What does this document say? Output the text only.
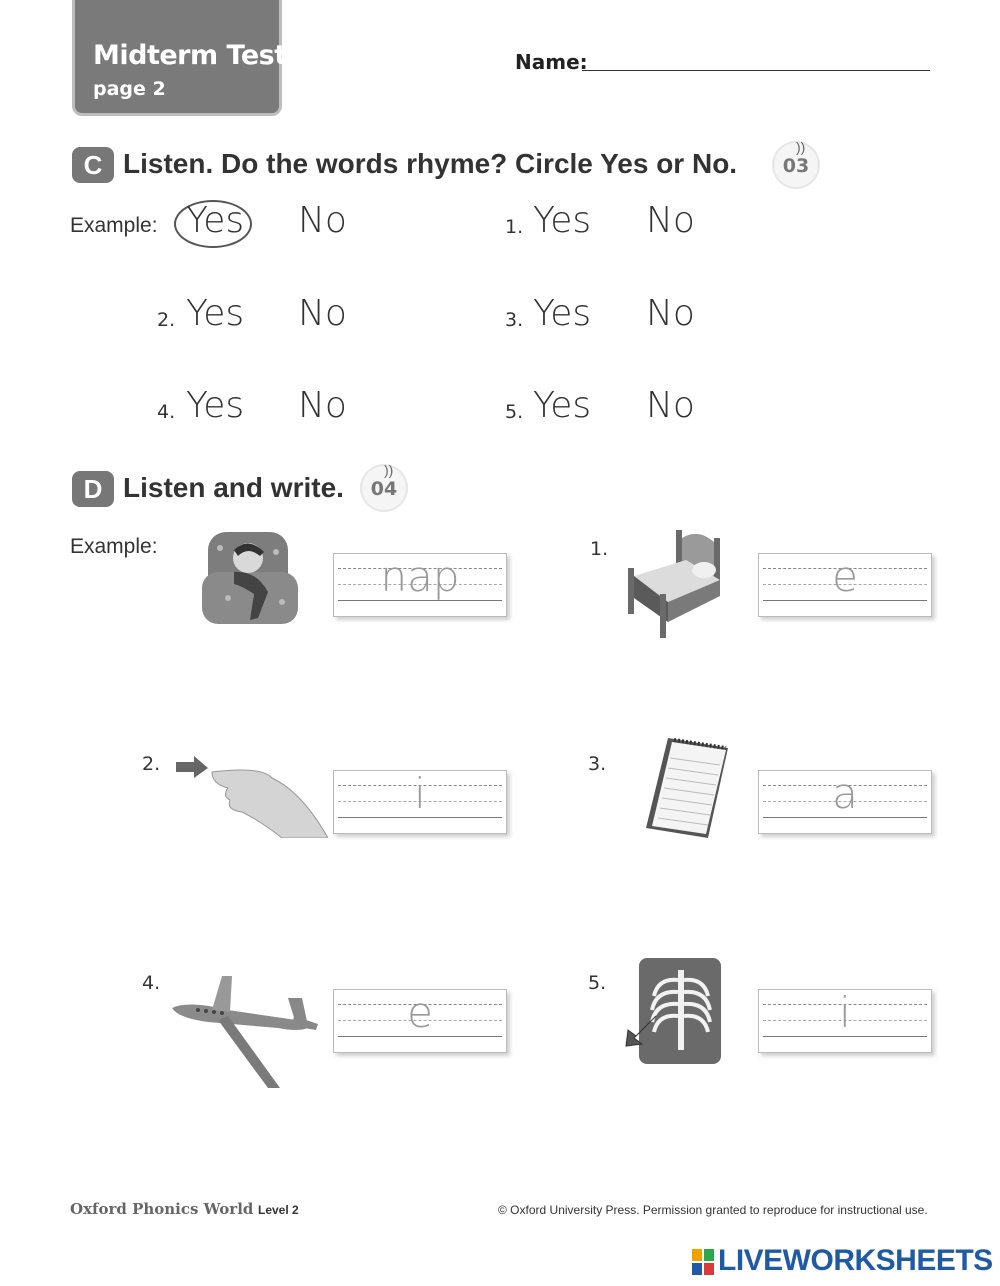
Midterm Test
page 2
Name:
C Listen. Do the words rhyme? Circle Yes or No.
))
03
Example: Yes No	1. Yes No
2. Yes No	3. Yes No
4. Yes No	5. Yes No
D Listen and write.
))
04
Example:
nap
1.
e
2.
i
3.
a
4.
e
5.
i
Oxford Phonics World Level 2	© Oxford University Press. Permission granted to reproduce for instructional use.
LIVEWORKSHEETS
